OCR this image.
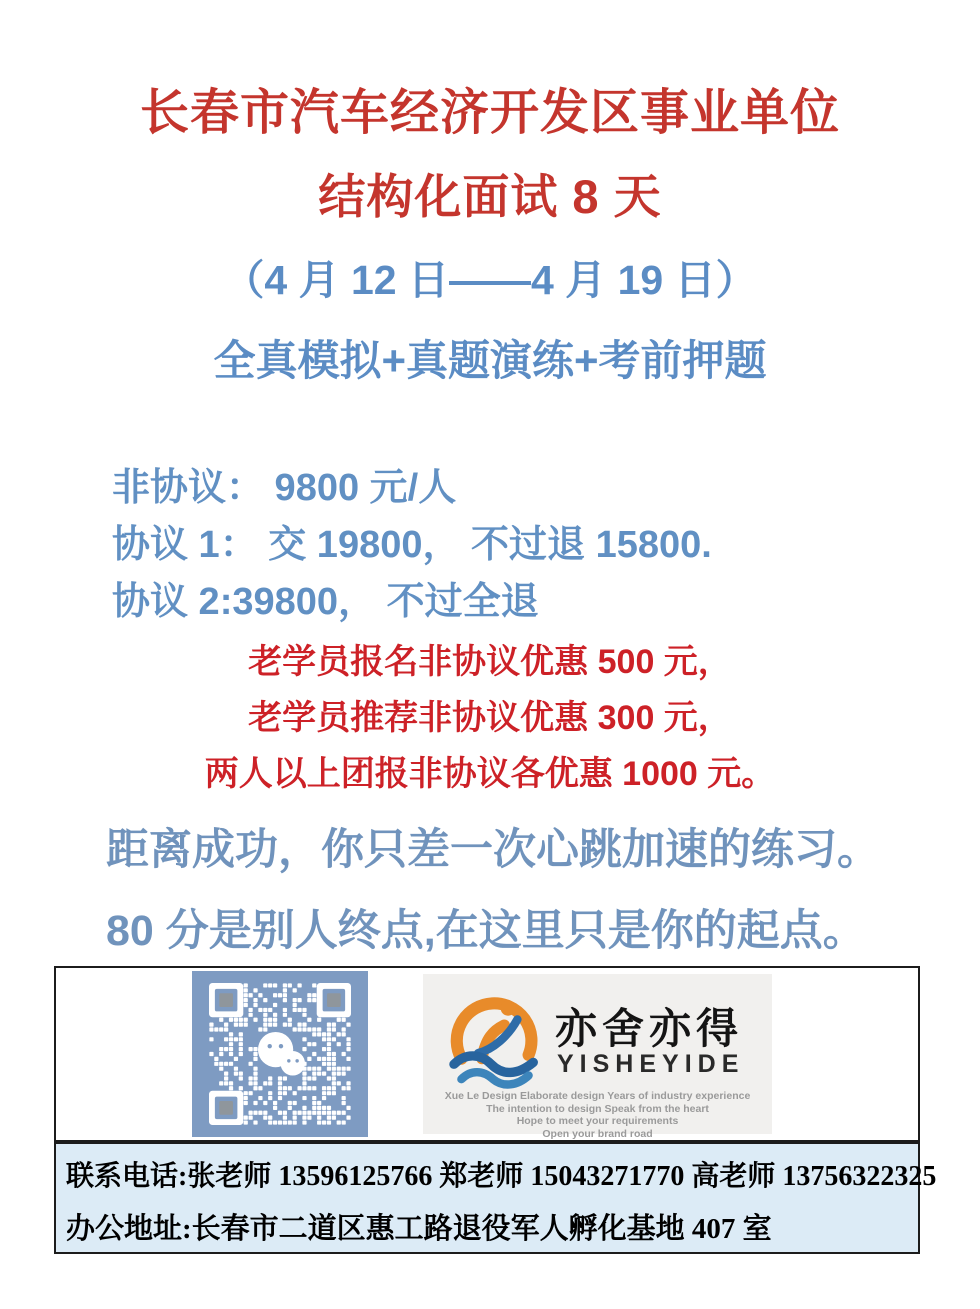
长春市汽车经济开发区事业单位
结构化面试 8 天
（4 月 12 日——4 月 19 日）
全真模拟+真题演练+考前押题
非协议： 9800 元/人
协议 1： 交 19800， 不过退 15800.
协议 2:39800， 不过全退
老学员报名非协议优惠 500 元，
老学员推荐非协议优惠 300 元，
两人以上团报非协议各优惠 1000 元。
距离成功，你只差一次心跳加速的练习。
80 分是别人终点,在这里只是你的起点。
亦舍亦得
YISHEYIDE
Xue Le Design Elaborate design Years of industry experience
The intention to design Speak from the heart
Hope to meet your requirements
Open your brand road
联系电话:张老师 13596125766 郑老师 15043271770 高老师 13756322325
办公地址:长春市二道区惠工路退役军人孵化基地 407 室
